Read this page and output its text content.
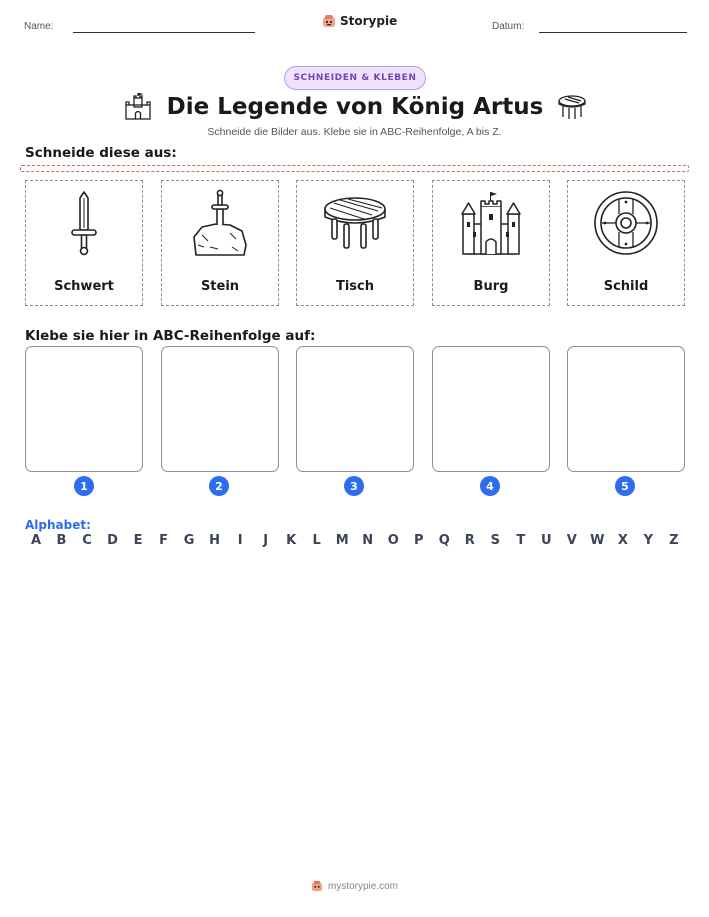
Name:	Storypie	Datum:
SCHNEIDEN & KLEBEN
Die Legende von König Artus
Schneide die Bilder aus. Klebe sie in ABC-Reihenfolge, A bis Z.
Schneide diese aus:
Schwert	Stein	Tisch	Burg	Schild
Klebe sie hier in ABC-Reihenfolge auf:
1	2	3	4	5
Alphabet:
A	B	C	D	E	F	G	H	I	J	K	L	M	N	O	P	Q	R	S	T	U	V	W	X	Y	Z
mystorypie.com
